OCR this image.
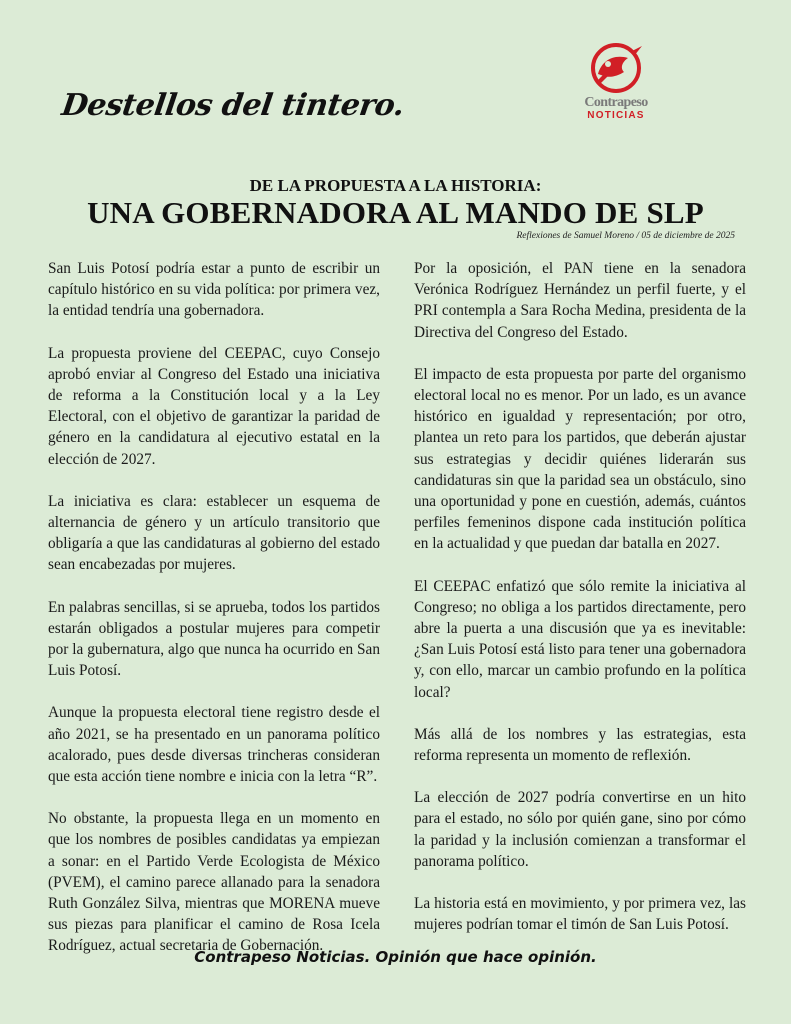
Destellos del tintero.	Contrapeso
NOTICIAS
DE LA PROPUESTA A LA HISTORIA:
UNA GOBERNADORA AL MANDO DE SLP
Reflexiones de Samuel Moreno / 05 de diciembre de 2025

San Luis Potosí podría estar a punto de escribir un capítulo histórico en su vida política: por primera vez, la entidad tendría una gobernadora.

La propuesta proviene del CEEPAC, cuyo Consejo aprobó enviar al Congreso del Estado una iniciativa de reforma a la Constitución local y a la Ley Electoral, con el objetivo de garantizar la paridad de género en la candidatura al ejecutivo estatal en la elección de 2027.

La iniciativa es clara: establecer un esquema de alternancia de género y un artículo transitorio que obligaría a que las candidaturas al gobierno del estado sean encabezadas por mujeres.

En palabras sencillas, si se aprueba, todos los partidos estarán obligados a postular mujeres para competir por la gubernatura, algo que nunca ha ocurrido en San Luis Potosí.

Aunque la propuesta electoral tiene registro desde el año 2021, se ha presentado en un panorama político acalorado, pues desde diversas trincheras consideran que esta acción tiene nombre e inicia con la letra “R”.

No obstante, la propuesta llega en un momento en que los nombres de posibles candidatas ya empiezan a sonar: en el Partido Verde Ecologista de México (PVEM), el camino parece allanado para la senadora Ruth González Silva, mientras que MORENA mueve sus piezas para planificar el camino de Rosa Icela Rodríguez, actual secretaria de Gobernación.

Por la oposición, el PAN tiene en la senadora Verónica Rodríguez Hernández un perfil fuerte, y el PRI contempla a Sara Rocha Medina, presidenta de la Directiva del Congreso del Estado.

El impacto de esta propuesta por parte del organismo electoral local no es menor. Por un lado, es un avance histórico en igualdad y representación; por otro, plantea un reto para los partidos, que deberán ajustar sus estrategias y decidir quiénes liderarán sus candidaturas sin que la paridad sea un obstáculo, sino una oportunidad y pone en cuestión, además, cuántos perfiles femeninos dispone cada institución política en la actualidad y que puedan dar batalla en 2027.

El CEEPAC enfatizó que sólo remite la iniciativa al Congreso; no obliga a los partidos directamente, pero abre la puerta a una discusión que ya es inevitable: ¿San Luis Potosí está listo para tener una gobernadora y, con ello, marcar un cambio profundo en la política local?

Más allá de los nombres y las estrategias, esta reforma representa un momento de reflexión.

La elección de 2027 podría convertirse en un hito para el estado, no sólo por quién gane, sino por cómo la paridad y la inclusión comienzan a transformar el panorama político.

La historia está en movimiento, y por primera vez, las mujeres podrían tomar el timón de San Luis Potosí.

Contrapeso Noticias. Opinión que hace opinión.
